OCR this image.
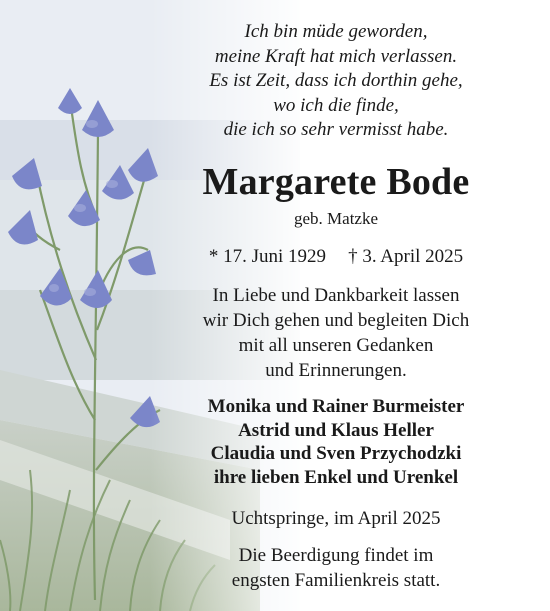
Ich bin müde geworden,
meine Kraft hat mich verlassen.
Es ist Zeit, dass ich dorthin gehe,
wo ich die finde,
die ich so sehr vermisst habe.
Margarete Bode
geb. Matzke
* 17. Juni 1929 † 3. April 2025
In Liebe und Dankbarkeit lassen
wir Dich gehen und begleiten Dich
mit all unseren Gedanken
und Erinnerungen.
Monika und Rainer Burmeister
Astrid und Klaus Heller
Claudia und Sven Przychodzki
ihre lieben Enkel und Urenkel
Uchtspringe, im April 2025
Die Beerdigung findet im
engsten Familienkreis statt.
